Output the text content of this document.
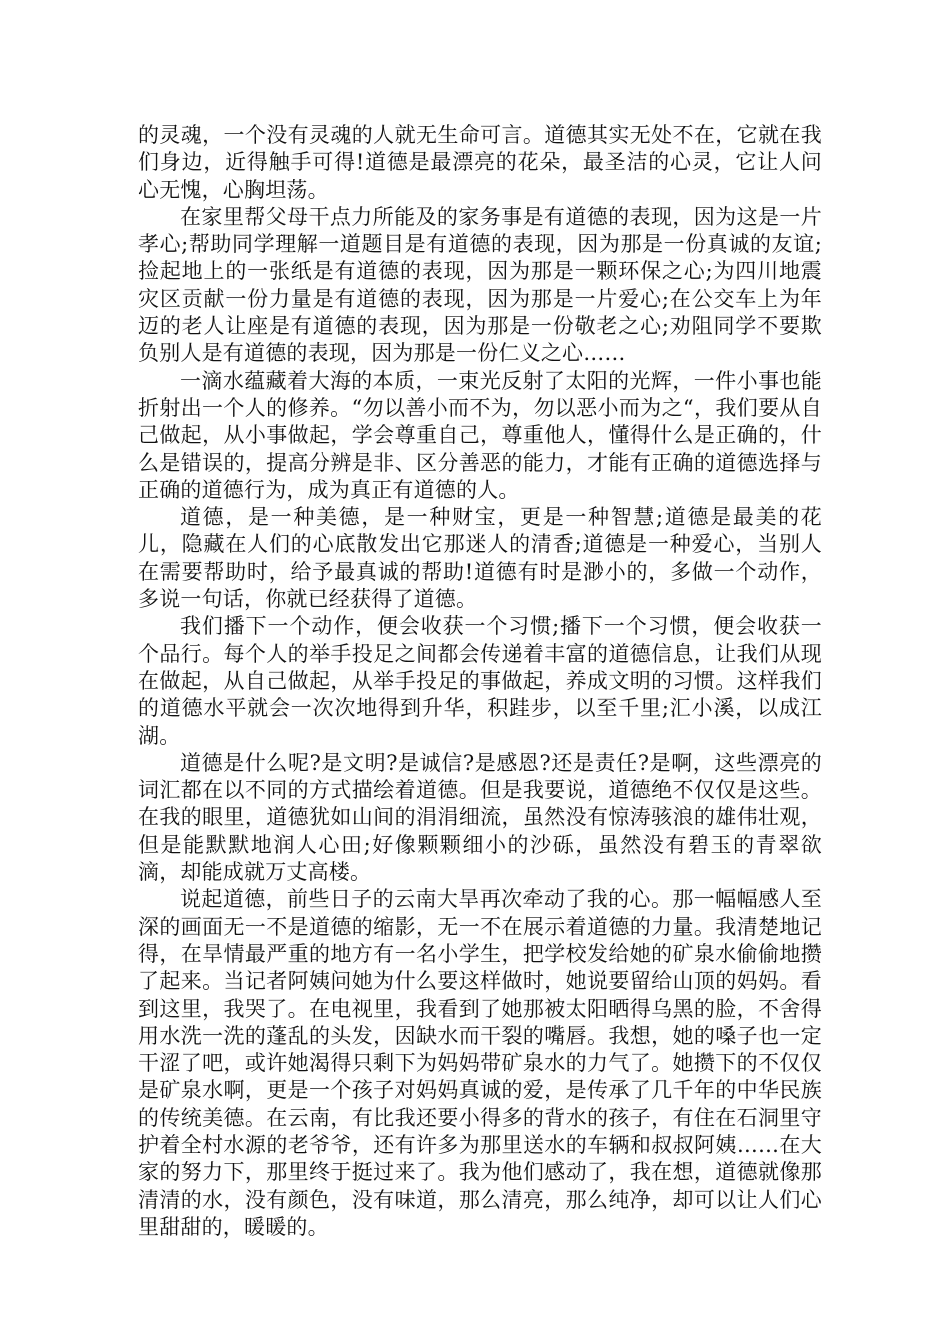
的灵魂，一个没有灵魂的人就无生命可言。道德其实无处不在，它就在我们身边，近得触手可得!道德是最漂亮的花朵，最圣洁的心灵，它让人问心无愧，心胸坦荡。

在家里帮父母干点力所能及的家务事是有道德的表现，因为这是一片孝心;帮助同学理解一道题目是有道德的表现，因为那是一份真诚的友谊;捡起地上的一张纸是有道德的表现，因为那是一颗环保之心;为四川地震灾区贡献一份力量是有道德的表现，因为那是一片爱心;在公交车上为年迈的老人让座是有道德的表现，因为那是一份敬老之心;劝阻同学不要欺负别人是有道德的表现，因为那是一份仁义之心……

一滴水蕴藏着大海的本质，一束光反射了太阳的光辉，一件小事也能折射出一个人的修养。“勿以善小而不为，勿以恶小而为之“，我们要从自己做起，从小事做起，学会尊重自己，尊重他人，懂得什么是正确的，什么是错误的，提高分辨是非、区分善恶的能力，才能有正确的道德选择与正确的道德行为，成为真正有道德的人。

道德，是一种美德，是一种财宝，更是一种智慧;道德是最美的花儿，隐藏在人们的心底散发出它那迷人的清香;道德是一种爱心，当别人在需要帮助时，给予最真诚的帮助!道德有时是渺小的，多做一个动作，多说一句话，你就已经获得了道德。

我们播下一个动作，便会收获一个习惯;播下一个习惯，便会收获一个品行。每个人的举手投足之间都会传递着丰富的道德信息，让我们从现在做起，从自己做起，从举手投足的事做起，养成文明的习惯。这样我们的道德水平就会一次次地得到升华，积跬步，以至千里;汇小溪，以成江湖。

道德是什么呢?是文明?是诚信?是感恩?还是责任?是啊，这些漂亮的词汇都在以不同的方式描绘着道德。但是我要说，道德绝不仅仅是这些。在我的眼里，道德犹如山间的涓涓细流，虽然没有惊涛骇浪的雄伟壮观，但是能默默地润人心田;好像颗颗细小的沙砾，虽然没有碧玉的青翠欲滴，却能成就万丈高楼。

说起道德，前些日子的云南大旱再次牵动了我的心。那一幅幅感人至深的画面无一不是道德的缩影，无一不在展示着道德的力量。我清楚地记得，在旱情最严重的地方有一名小学生，把学校发给她的矿泉水偷偷地攒了起来。当记者阿姨问她为什么要这样做时，她说要留给山顶的妈妈。看到这里，我哭了。在电视里，我看到了她那被太阳晒得乌黑的脸，不舍得用水洗一洗的蓬乱的头发，因缺水而干裂的嘴唇。我想，她的嗓子也一定干涩了吧，或许她渴得只剩下为妈妈带矿泉水的力气了。她攒下的不仅仅是矿泉水啊，更是一个孩子对妈妈真诚的爱，是传承了几千年的中华民族的传统美德。在云南，有比我还要小得多的背水的孩子，有住在石洞里守护着全村水源的老爷爷，还有许多为那里送水的车辆和叔叔阿姨……在大家的努力下，那里终于挺过来了。我为他们感动了，我在想，道德就像那清清的水，没有颜色，没有味道，那么清亮，那么纯净，却可以让人们心里甜甜的，暖暖的。
